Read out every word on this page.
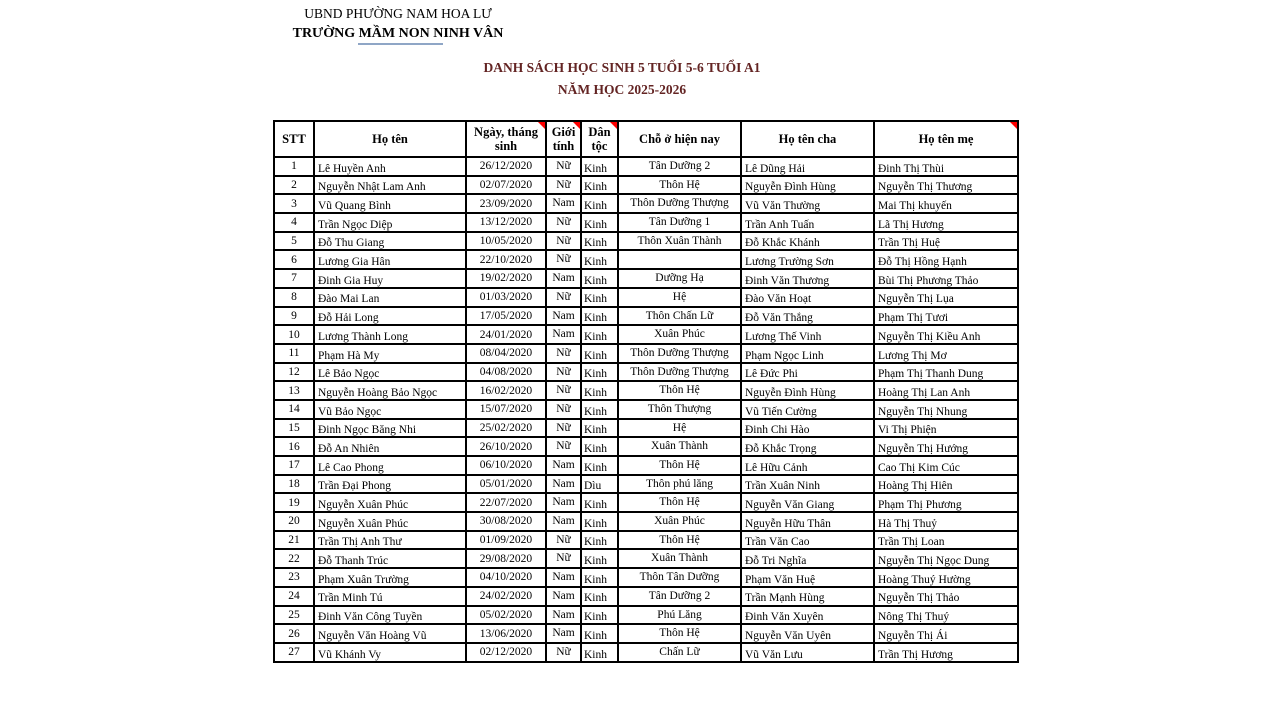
UBND PHƯỜNG NAM HOA LƯ
TRƯỜNG MẦM NON NINH VÂN
DANH SÁCH HỌC SINH 5 TUỔI 5-6 TUỔI A1
NĂM HỌC 2025-2026
STT	Họ tên	Ngày, tháng sinh	Giới tính	Dân tộc	Chỗ ở hiện nay	Họ tên cha	Họ tên mẹ

1	Lê Huyền Anh	26/12/2020	Nữ	Kinh	Tân Dưỡng 2	Lê Dũng Hải	Đinh Thị Thùi
2	Nguyễn Nhật Lam Anh	02/07/2020	Nữ	Kinh	Thôn Hệ	Nguyễn Đình Hùng	Nguyễn Thị Thương
3	Vũ Quang Bình	23/09/2020	Nam	Kinh	Thôn Dưỡng Thượng	Vũ Văn Thường	Mai Thị khuyến
4	Trần Ngọc Diệp	13/12/2020	Nữ	Kinh	Tân Dưỡng 1	Trần Anh Tuấn	Lã Thị Hương
5	Đỗ Thu Giang	10/05/2020	Nữ	Kinh	Thôn Xuân Thành	Đỗ Khắc Khánh	Trần Thị Huệ
6	Lương Gia Hân	22/10/2020	Nữ	Kinh		Lương Trường Sơn	Đỗ Thị Hồng Hạnh
7	Đinh Gia Huy	19/02/2020	Nam	Kinh	Dưỡng Hạ	Đinh Văn Thương	Bùi Thị Phương Thảo
8	Đào Mai Lan	01/03/2020	Nữ	Kinh	Hệ	Đào Văn Hoạt	Nguyễn Thị Lụa
9	Đỗ Hải Long	17/05/2020	Nam	Kinh	Thôn Chấn Lữ	Đỗ Văn Thắng	Phạm Thị Tươi
10	Lương Thành Long	24/01/2020	Nam	Kinh	Xuân Phúc	Lương Thế Vinh	Nguyễn Thị Kiều Anh
11	Phạm Hà My	08/04/2020	Nữ	Kinh	Thôn Dưỡng Thượng	Phạm Ngọc Linh	Lương Thị Mơ
12	Lê Bảo Ngọc	04/08/2020	Nữ	Kinh	Thôn Dưỡng Thượng	Lê Đức Phi	Phạm Thị Thanh Dung
13	Nguyễn Hoàng Bảo Ngọc	16/02/2020	Nữ	Kinh	Thôn Hệ	Nguyễn Đình Hùng	Hoàng Thị Lan Anh
14	Vũ Bảo Ngọc	15/07/2020	Nữ	Kinh	Thôn Thượng	Vũ Tiến Cường	Nguyễn Thị Nhung
15	Đinh Ngọc Băng Nhi	25/02/2020	Nữ	Kinh	Hệ	Đinh Chi Hào	Vi Thị Phiện
16	Đỗ An Nhiên	26/10/2020	Nữ	Kinh	Xuân Thành	Đỗ Khắc Trọng	Nguyễn Thị Hướng
17	Lê Cao Phong	06/10/2020	Nam	Kinh	Thôn Hệ	Lê Hữu Cảnh	Cao Thị Kim Cúc
18	Trần Đại Phong	05/01/2020	Nam	Dìu	Thôn phú lăng	Trần Xuân Ninh	Hoàng Thị Hiên
19	Nguyễn Xuân Phúc	22/07/2020	Nam	Kinh	Thôn Hệ	Nguyễn Văn Giang	Phạm Thị Phương
20	Nguyễn Xuân Phúc	30/08/2020	Nam	Kinh	Xuân Phúc	Nguyễn Hữu Thân	Hà Thị Thuỷ
21	Trần Thị Anh Thư	01/09/2020	Nữ	Kinh	Thôn Hệ	Trần Văn Cao	Trần Thị Loan
22	Đỗ Thanh Trúc	29/08/2020	Nữ	Kinh	Xuân Thành	Đỗ Tri Nghĩa	Nguyễn Thị Ngọc Dung
23	Phạm Xuân Trường	04/10/2020	Nam	Kinh	Thôn Tân Dưỡng	Phạm Văn Huệ	Hoàng Thuý Hường
24	Trần Minh Tú	24/02/2020	Nam	Kinh	Tân Dưỡng 2	Trần Mạnh Hùng	Nguyễn Thị Thảo
25	Đinh Văn Công Tuyền	05/02/2020	Nam	Kinh	Phú Lăng	Đinh Văn Xuyên	Nông Thị Thuý
26	Nguyễn Văn Hoàng Vũ	13/06/2020	Nam	Kinh	Thôn Hệ	Nguyễn Văn Uyên	Nguyễn Thị Ái
27	Vũ Khánh Vy	02/12/2020	Nữ	Kinh	Chấn Lữ	Vũ Văn Lưu	Trần Thị Hương
